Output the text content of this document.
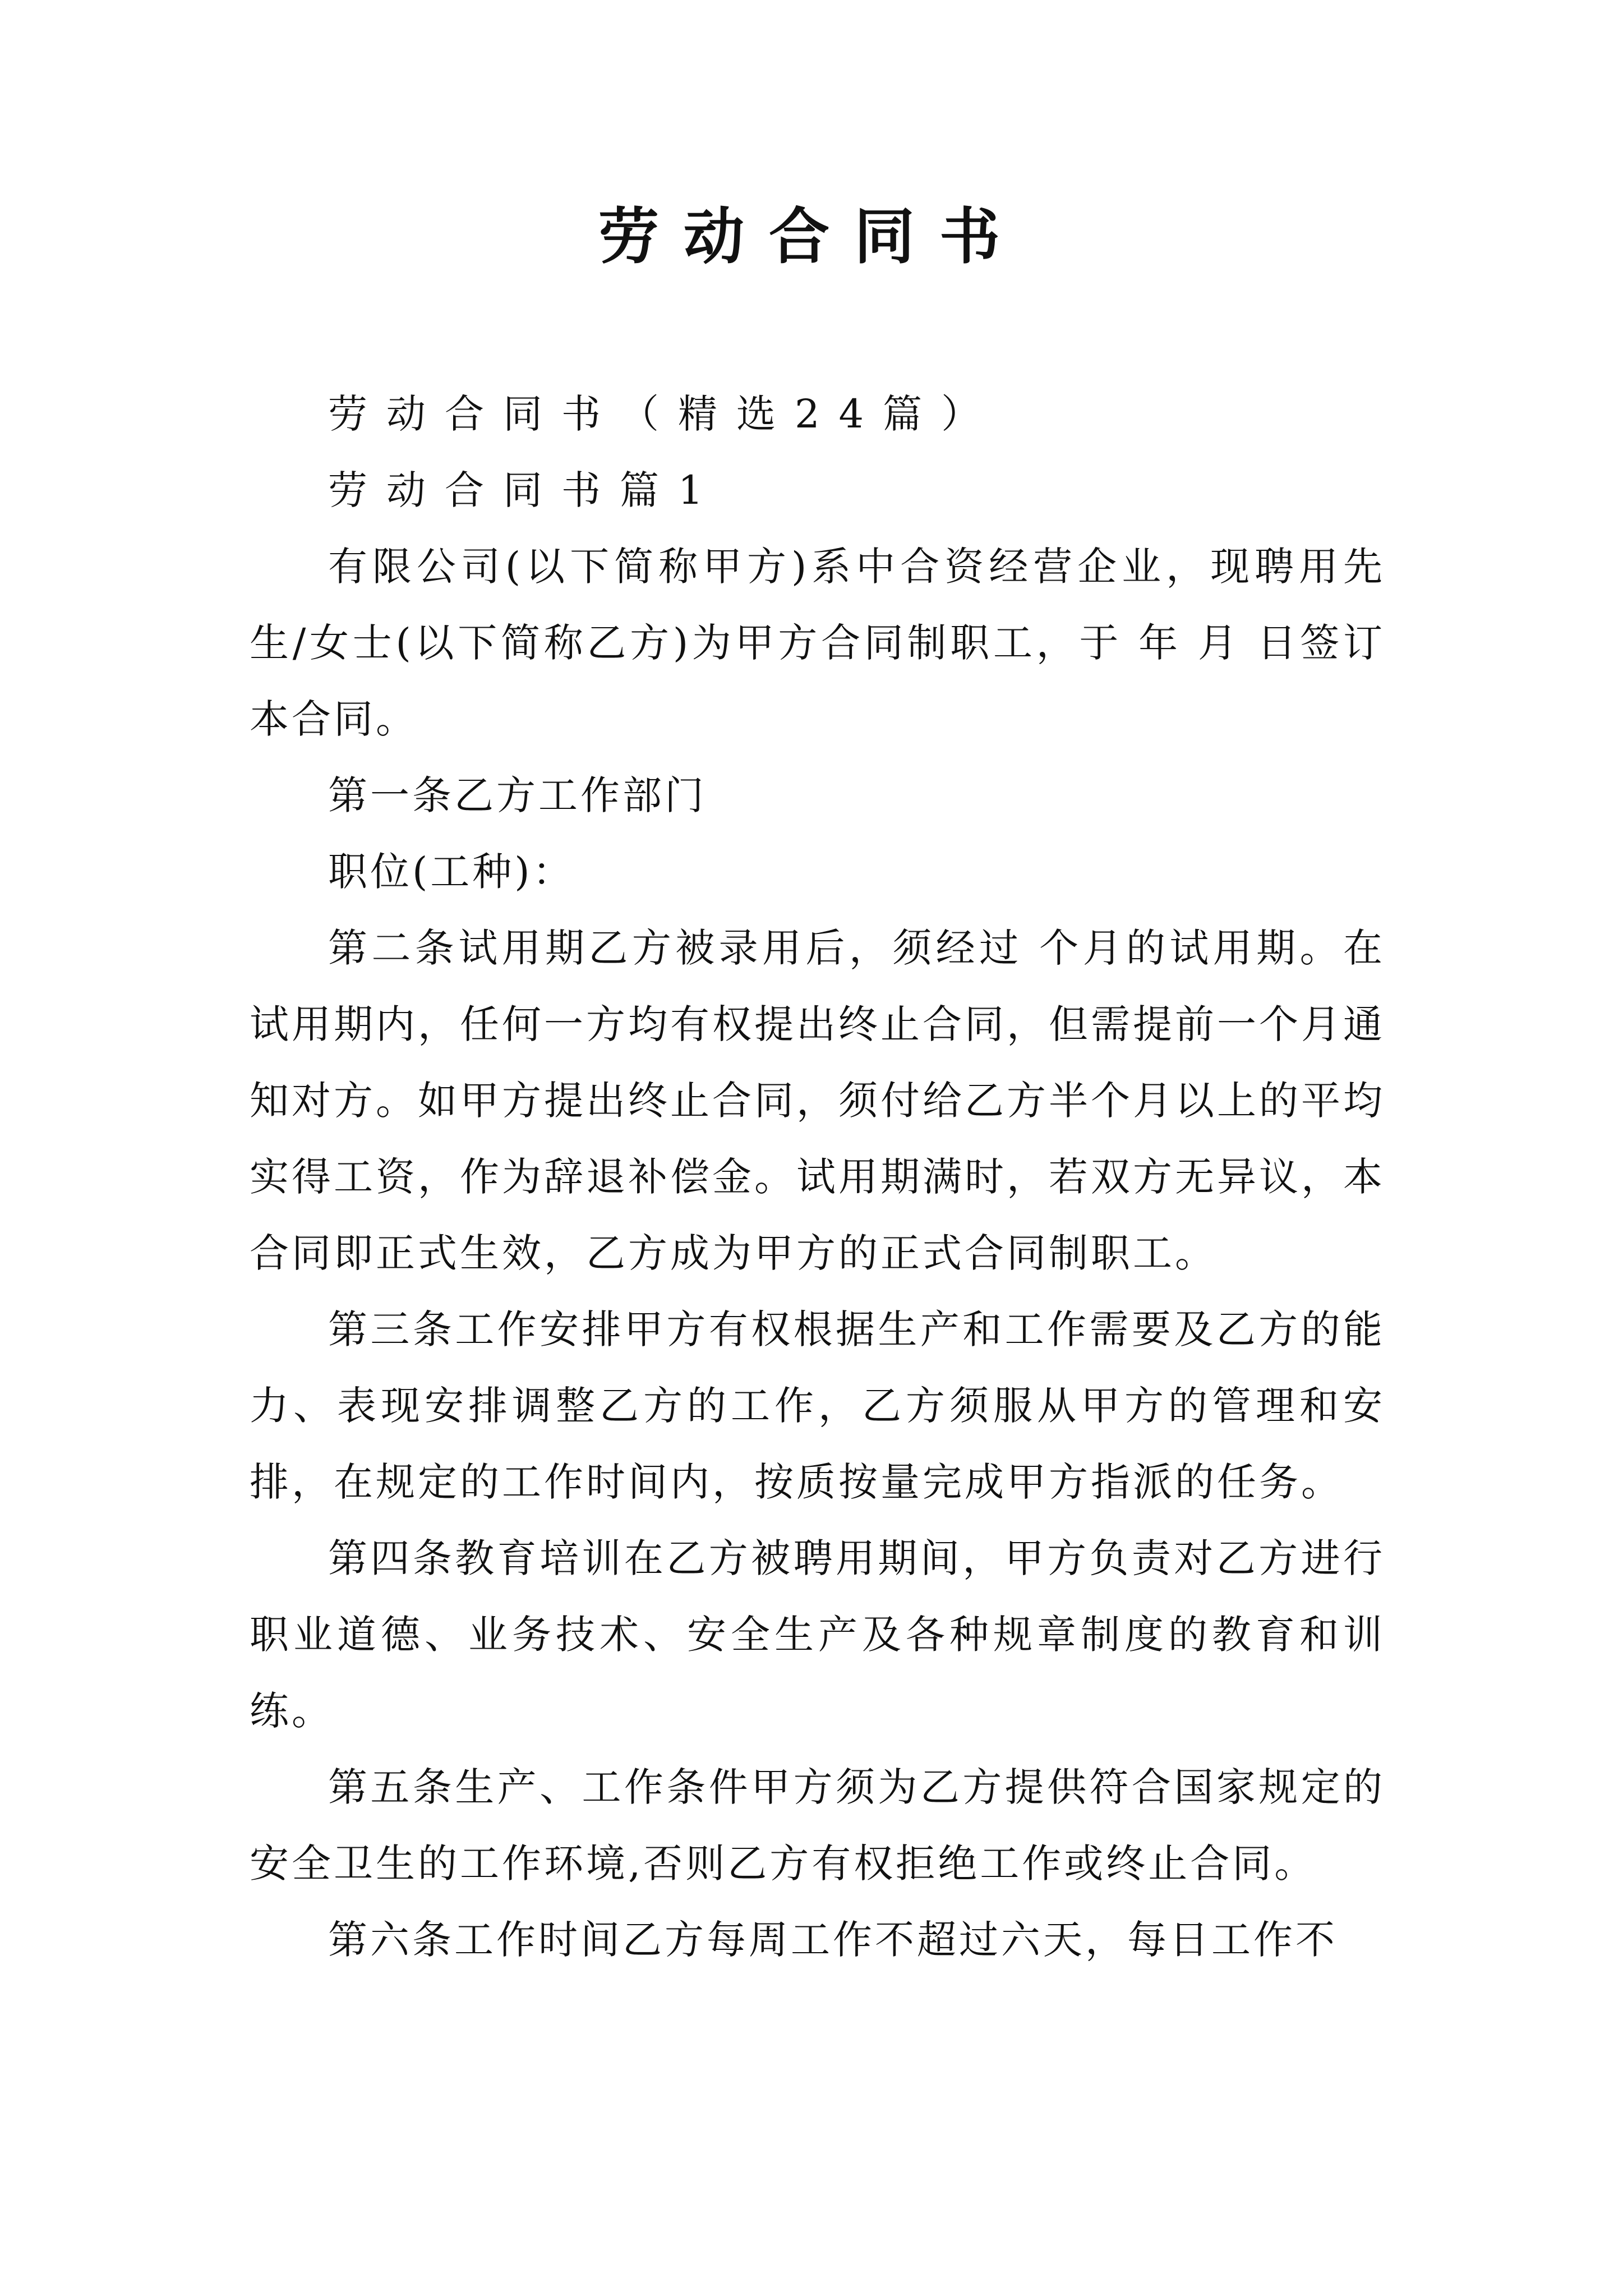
劳动合同书

劳动合同书（精选24篇）

劳动合同书篇1

有限公司(以下简称甲方)系中合资经营企业，现聘用先生/女士(以下简称乙方)为甲方合同制职工，于 年 月 日签订本合同。

第一条乙方工作部门

职位(工种)：

第二条试用期乙方被录用后，须经过 个月的试用期。在试用期内，任何一方均有权提出终止合同，但需提前一个月通知对方。如甲方提出终止合同，须付给乙方半个月以上的平均实得工资，作为辞退补偿金。试用期满时，若双方无异议，本合同即正式生效，乙方成为甲方的正式合同制职工。

第三条工作安排甲方有权根据生产和工作需要及乙方的能力、表现安排调整乙方的工作，乙方须服从甲方的管理和安排，在规定的工作时间内，按质按量完成甲方指派的任务。

第四条教育培训在乙方被聘用期间，甲方负责对乙方进行职业道德、业务技术、安全生产及各种规章制度的教育和训练。

第五条生产、工作条件甲方须为乙方提供符合国家规定的安全卫生的工作环境,否则乙方有权拒绝工作或终止合同。

第六条工作时间乙方每周工作不超过六天，每日工作不
